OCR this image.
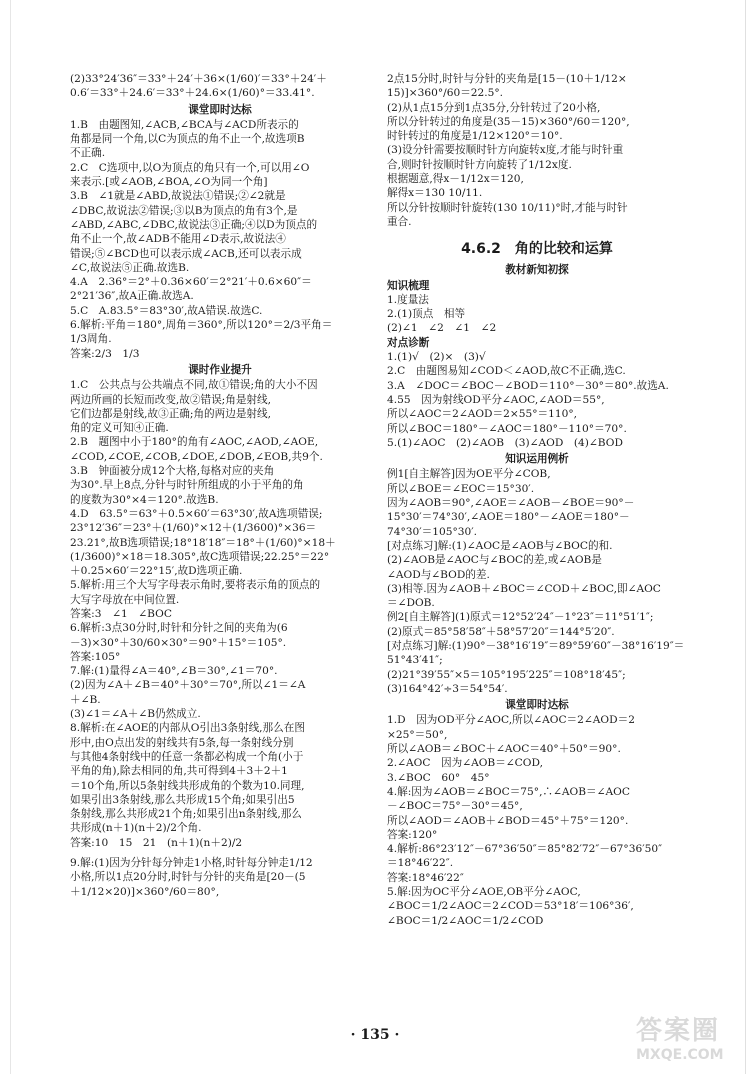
(2)33°24′36″＝33°＋24′＋36×(1/60)′＝33°＋24′＋
0.6′＝33°＋24.6′＝33°＋24.6×(1/60)°＝33.41°.
课堂即时达标
1.B　由题图知,∠ACB,∠BCA与∠ACD所表示的
角都是同一个角,以C为顶点的角不止一个,故选项B
不正确.
2.C　C选项中,以O为顶点的角只有一个,可以用∠O
来表示.[或∠AOB,∠BOA,∠O为同一个角]
3.B　∠1就是∠ABD,故说法①错误;②∠2就是
∠DBC,故说法②错误;③以B为顶点的角有3个,是
∠ABD,∠ABC,∠DBC,故说法③正确;④以D为顶点的
角不止一个,故∠ADB不能用∠D表示,故说法④
错误;⑤∠BCD也可以表示成∠ACB,还可以表示成
∠C,故说法⑤正确.故选B.
4.A　2.36°＝2°＋0.36×60′＝2°21′＋0.6×60″＝
2°21′36″,故A正确.故选A.
5.C　A.83.5°＝83°30′,故A错误.故选C.
6.解析:平角＝180°,周角＝360°,所以120°＝2/3平角＝
1/3周角.
答案:2/3　1/3
课时作业提升
1.C　公共点与公共端点不同,故①错误;角的大小不因
两边所画的长短而改变,故②错误;角是射线,
它们边都是射线,故③正确;角的两边是射线,
角的定义可知④正确.
2.B　题图中小于180°的角有∠AOC,∠AOD,∠AOE,
∠COD,∠COE,∠COB,∠DOE,∠DOB,∠EOB,共9个.
3.B　钟面被分成12个大格,每格对应的夹角
为30°.早上8点,分针与时针所组成的小于平角的角
的度数为30°×4＝120°.故选B.
4.D　63.5°＝63°＋0.5×60′＝63°30′,故A选项错误;
23°12′36″＝23°＋(1/60)°×12＋(1/3600)°×36＝
23.21°,故B选项错误;18°18′18″＝18°＋(1/60)°×18＋
(1/3600)°×18＝18.305°,故C选项错误;22.25°＝22°
＋0.25×60′＝22°15′,故D选项正确.
5.解析:用三个大写字母表示角时,要将表示角的顶点的
大写字母放在中间位置.
答案:3　∠1　∠BOC
6.解析:3点30分时,时针和分针之间的夹角为(6
－3)×30°＋30/60×30°＝90°＋15°＝105°.
答案:105°
7.解:(1)量得∠A＝40°,∠B＝30°,∠1＝70°.
(2)因为∠A＋∠B＝40°＋30°＝70°,所以∠1＝∠A
＋∠B.
(3)∠1＝∠A＋∠B仍然成立.
8.解析:在∠AOE的内部从O引出3条射线,那么在图
形中,由O点出发的射线共有5条,每一条射线分别
与其他4条射线中的任意一条都必构成一个角(小于
平角的角),除去相同的角,共可得到4＋3＋2＋1
＝10个角,所以5条射线共形成角的个数为10.同理,
如果引出3条射线,那么共形成15个角;如果引出5
条射线,那么共形成21个角;如果引出n条射线,那么
共形成(n＋1)(n＋2)/2个角.
答案:10　15　21　(n＋1)(n＋2)/2
9.解:(1)因为分针每分钟走1小格,时针每分钟走1/12
小格,所以1点20分时,时针与分针的夹角是[20－(5
＋1/12×20)]×360°/60＝80°,
2点15分时,时针与分针的夹角是[15－(10＋1/12×
15)]×360°/60＝22.5°.
(2)从1点15分到1点35分,分针转过了20小格,
所以分针转过的角度是(35－15)×360°/60＝120°,
时针转过的角度是1/12×120°＝10°.
(3)设分针需要按顺时针方向旋转x度,才能与时针重
合,则时针按顺时针方向旋转了1/12x度.
根据题意,得x－1/12x＝120,
解得x＝130 10/11.
所以分针按顺时针旋转(130 10/11)°时,才能与时针
重合.
4.6.2　角的比较和运算
教材新知初探
知识梳理
1.度量法
2.(1)顶点　相等
(2)∠1　∠2　∠1　∠2
对点诊断
1.(1)√　(2)×　(3)√
2.C　由题图易知∠COD＜∠AOD,故C不正确,选C.
3.A　∠DOC＝∠BOC－∠BOD＝110°－30°＝80°.故选A.
4.55　因为射线OD平分∠AOC,∠AOD＝55°,
所以∠AOC＝2∠AOD＝2×55°＝110°,
所以∠BOC＝180°－∠AOC＝180°－110°＝70°.
5.(1)∠AOC　(2)∠AOB　(3)∠AOD　(4)∠BOD
知识运用例析
例1[自主解答]因为OE平分∠COB,
所以∠BOE＝∠EOC＝15°30′.
因为∠AOB＝90°,∠AOE＝∠AOB－∠BOE＝90°－
15°30′＝74°30′,∠AOE＝180°－∠AOE＝180°－
74°30′＝105°30′.
[对点练习]解:(1)∠AOC是∠AOB与∠BOC的和.
(2)∠AOB是∠AOC与∠BOC的差,或∠AOB是
∠AOD与∠BOD的差.
(3)相等.因为∠AOB＋∠BOC＝∠COD＋∠BOC,即∠AOC
＝∠DOB.
例2[自主解答](1)原式＝12°52′24″－1°23″＝11°51′1″;
(2)原式＝85°58′58″＋58°57′20″＝144°5′20″.
[对点练习]解:(1)90°－38°16′19″＝89°59′60″－38°16′19″＝
51°43′41″;
(2)21°39′55″×5＝105°195′225″＝108°18′45″;
(3)164°42′÷3＝54°54′.
课堂即时达标
1.D　因为OD平分∠AOC,所以∠AOC＝2∠AOD＝2
×25°＝50°,
所以∠AOB＝∠BOC＋∠AOC＝40°＋50°＝90°.
2.∠AOC　因为∠AOB＝∠COD,
3.∠BOC　60°　45°
4.解:因为∠AOB＝∠BOC＝75°,∴∠AOB＝∠AOC
－∠BOC＝75°－30°＝45°,
所以∠AOD＝∠AOB＋∠BOD＝45°＋75°＝120°.
答案:120°
4.解析:86°23′12″－67°36′50″＝85°82′72″－67°36′50″
＝18°46′22″.
答案:18°46′22″
5.解:因为OC平分∠AOE,OB平分∠AOC,
∠BOC＝1/2∠AOC＝2∠COD＝53°18′＝106°36′,
∠BOC＝1/2∠AOC＝1/2∠COD
· 135 ·	答案圈
MXQE.COM
